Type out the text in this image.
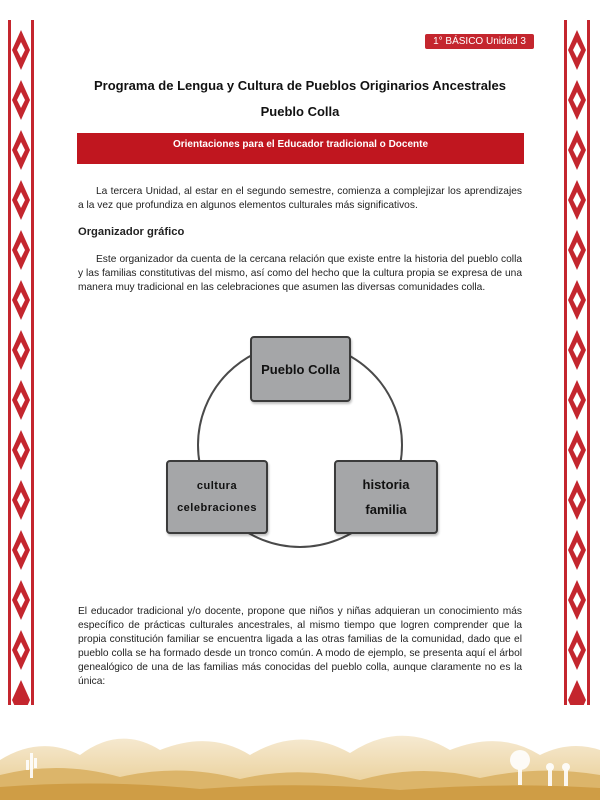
1° BÁSICO Unidad 3
Programa de Lengua y Cultura de Pueblos Originarios Ancestrales
Pueblo Colla
Orientaciones para el Educador tradicional o Docente

La tercera Unidad, al estar en el segundo semestre, comienza a complejizar los aprendizajes a la vez que profundiza en algunos elementos culturales más significativos.

Organizador gráfico

Este organizador da cuenta de la cercana relación que existe entre la historia del pueblo colla y las familias constitutivas del mismo, así como del hecho que la cultura propia se expresa de una manera muy tradicional en las celebraciones que asumen las diversas comunidades colla.

Pueblo Colla
cultura
celebraciones
historia
familia

El educador tradicional y/o docente, propone que niños y niñas adquieran un conocimiento más específico de prácticas culturales ancestrales, al mismo tiempo que logren comprender que la propia constitución familiar se encuentra ligada a las otras familias de la comunidad, dado que el pueblo colla se ha formado desde un tronco común. A modo de ejemplo, se presenta aquí el árbol genealógico de una de las familias más conocidas del pueblo colla, aunque claramente no es la única:
